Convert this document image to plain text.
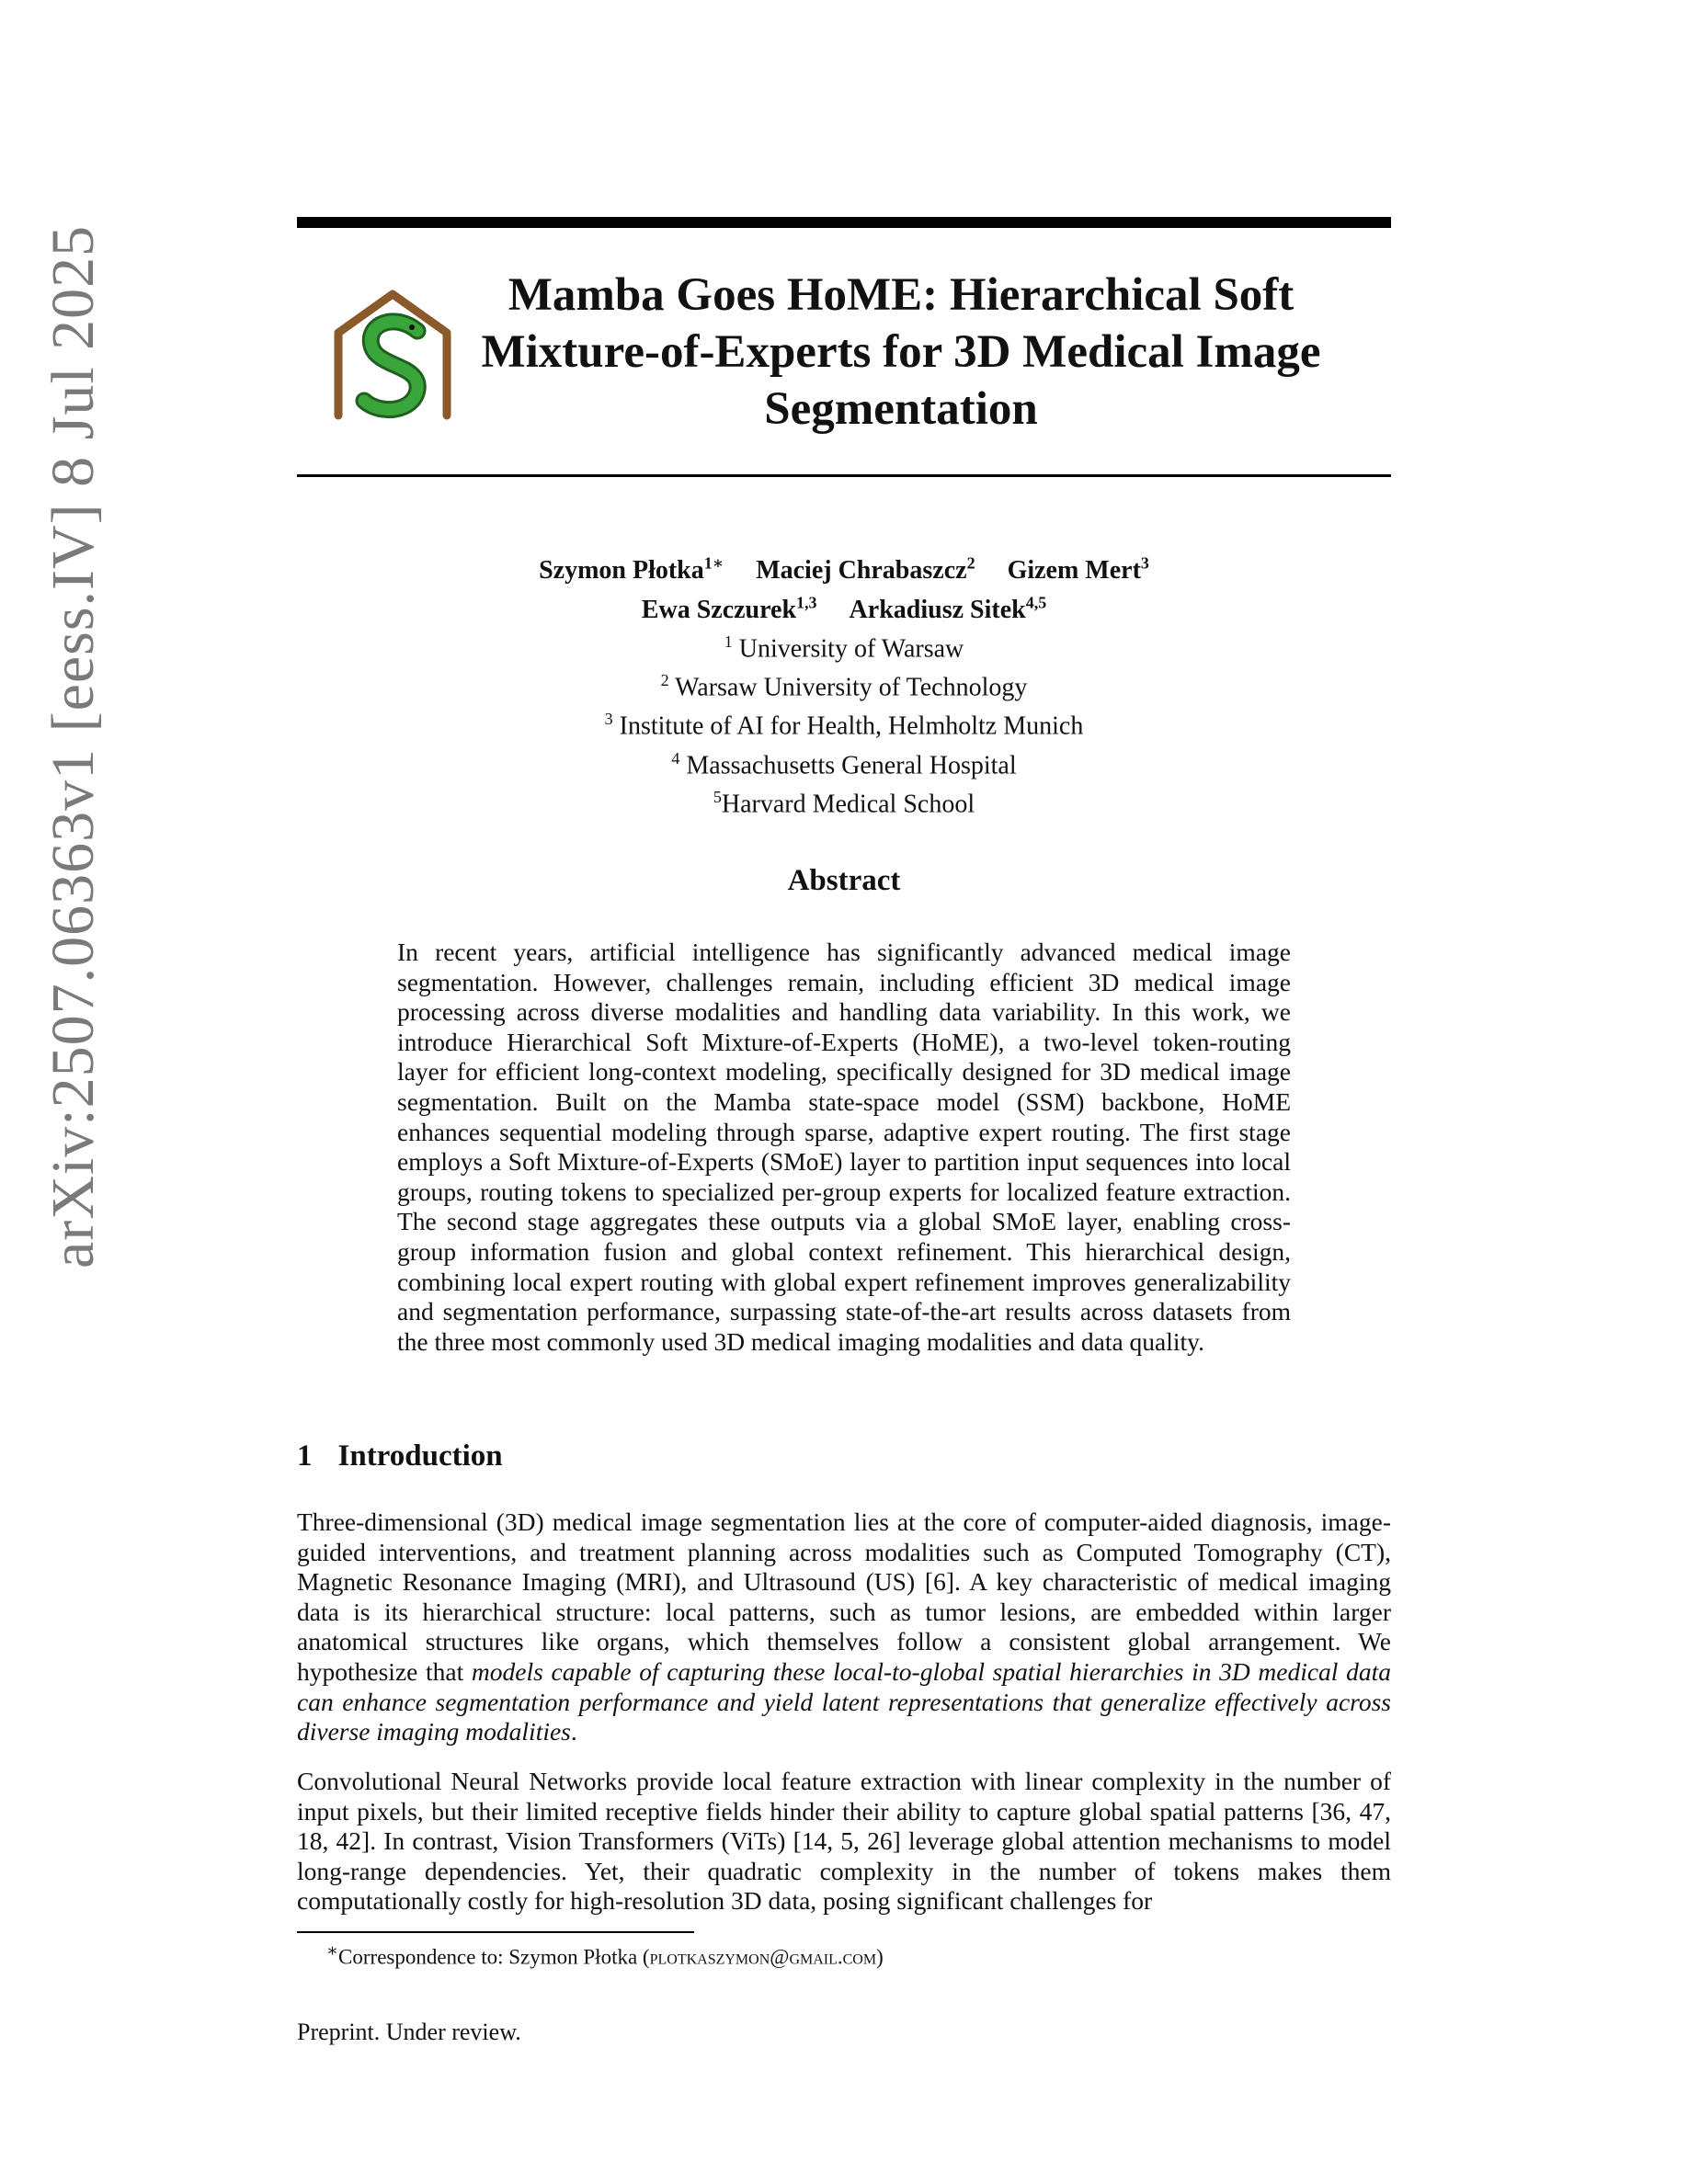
arXiv:2507.06363v1 [eess.IV] 8 Jul 2025	Mamba Goes HoME: Hierarchical Soft Mixture-of-Experts for 3D Medical Image Segmentation
Szymon Płotka$^{1∗}$ Maciej Chrabaszcz$^2$ Gizem Mert$^3$
Ewa Szczurek$^{1,3}$ Arkadiusz Sitek$^{4,5}$
$^1$ University of Warsaw
$^2$ Warsaw University of Technology
$^3$ Institute of AI for Health, Helmholtz Munich
$^4$ Massachusetts General Hospital
$^5$Harvard Medical School
Abstract
In recent years, artificial intelligence has significantly advanced medical image segmentation. However, challenges remain, including efficient 3D medical image processing across diverse modalities and handling data variability. In this work, we introduce Hierarchical Soft Mixture-of-Experts (HoME), a two-level token-routing layer for efficient long-context modeling, specifically designed for 3D medical image segmentation. Built on the Mamba state-space model (SSM) backbone, HoME enhances sequential modeling through sparse, adaptive expert routing. The first stage employs a Soft Mixture-of-Experts (SMoE) layer to partition input sequences into local groups, routing tokens to specialized per-group experts for localized feature extraction. The second stage aggregates these outputs via a global SMoE layer, enabling cross-group information fusion and global context refinement. This hierarchical design, combining local expert routing with global expert refinement improves generalizability and segmentation performance, surpassing state-of-the-art results across datasets from the three most commonly used 3D medical imaging modalities and data quality.
1 Introduction
Three-dimensional (3D) medical image segmentation lies at the core of computer-aided diagnosis, image-guided interventions, and treatment planning across modalities such as Computed Tomography (CT), Magnetic Resonance Imaging (MRI), and Ultrasound (US) [6]. A key characteristic of medical imaging data is its hierarchical structure: local patterns, such as tumor lesions, are embedded within larger anatomical structures like organs, which themselves follow a consistent global arrangement. We hypothesize that models capable of capturing these local-to-global spatial hierarchies in 3D medical data can enhance segmentation performance and yield latent representations that generalize effectively across diverse imaging modalities.
Convolutional Neural Networks provide local feature extraction with linear complexity in the number of input pixels, but their limited receptive fields hinder their ability to capture global spatial patterns [36, 47, 18, 42]. In contrast, Vision Transformers (ViTs) [14, 5, 26] leverage global attention mechanisms to model long-range dependencies. Yet, their quadratic complexity in the number of tokens makes them computationally costly for high-resolution 3D data, posing significant challenges for
∗Correspondence to: Szymon Płotka (plotkaszymon@gmail.com)
Preprint. Under review.
